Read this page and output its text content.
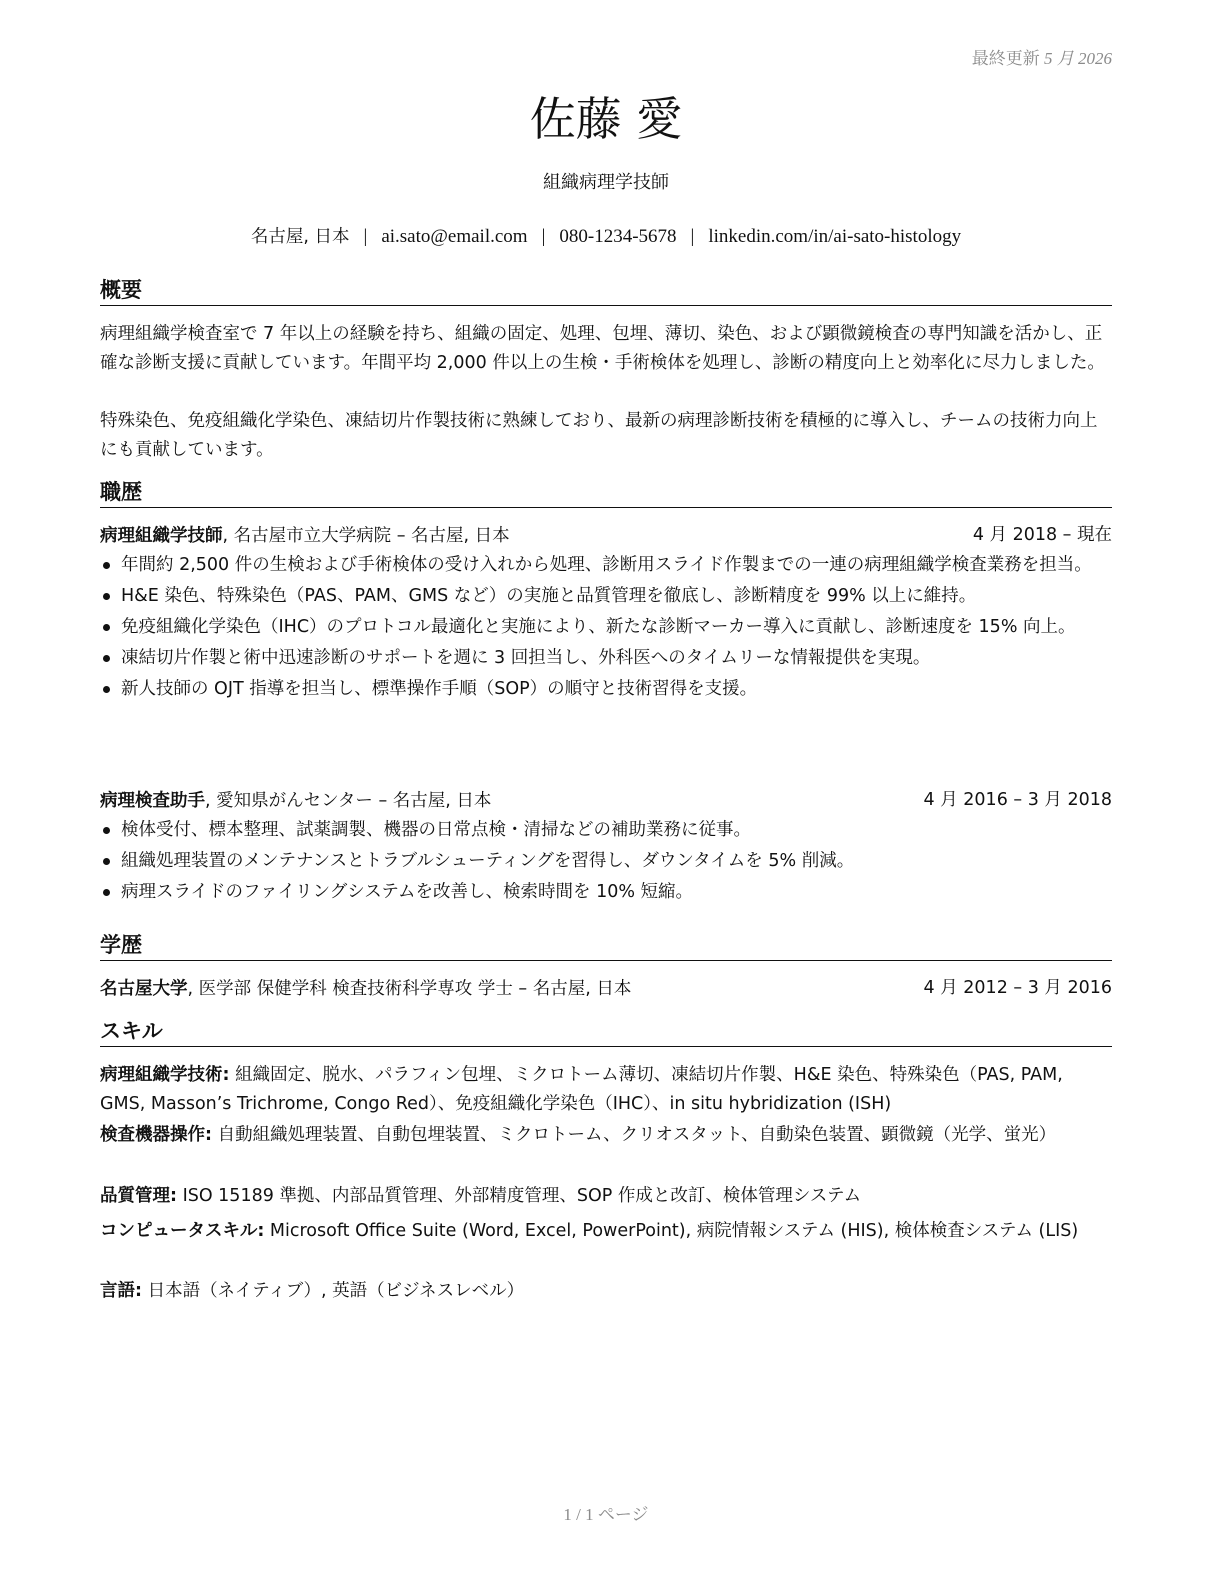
最終更新 5 月 2026
佐藤 愛
組織病理学技師
名古屋, 日本 | ai.sato@email.com | 080-1234-5678 | linkedin.com/in/ai-sato-histology
概要

病理組織学検査室で 7 年以上の経験を持ち、組織の固定、処理、包埋、薄切、染色、および顕微鏡検査の専門知識を活かし、正確な診断支援に貢献しています。年間平均 2,000 件以上の生検・手術検体を処理し、診断の精度向上と効率化に尽力しました。

特殊染色、免疫組織化学染色、凍結切片作製技術に熟練しており、最新の病理診断技術を積極的に導入し、チームの技術力向上にも貢献しています。

職歴
病理組織学技師, 名古屋市立大学病院 – 名古屋, 日本	4 月 2018 – 現在
年間約 2,500 件の生検および手術検体の受け入れから処理、診断用スライド作製までの一連の病理組織学検査業務を担当。
H&E 染色、特殊染色（PAS、PAM、GMS など）の実施と品質管理を徹底し、診断精度を 99% 以上に維持。
免疫組織化学染色（IHC）のプロトコル最適化と実施により、新たな診断マーカー導入に貢献し、診断速度を 15% 向上。
凍結切片作製と術中迅速診断のサポートを週に 3 回担当し、外科医へのタイムリーな情報提供を実現。
新人技師の OJT 指導を担当し、標準操作手順（SOP）の順守と技術習得を支援。
病理検査助手, 愛知県がんセンター – 名古屋, 日本	4 月 2016 – 3 月 2018
検体受付、標本整理、試薬調製、機器の日常点検・清掃などの補助業務に従事。
組織処理装置のメンテナンスとトラブルシューティングを習得し、ダウンタイムを 5% 削減。
病理スライドのファイリングシステムを改善し、検索時間を 10% 短縮。
学歴
名古屋大学, 医学部 保健学科 検査技術科学専攻 学士 – 名古屋, 日本	4 月 2012 – 3 月 2016
スキル
病理組織学技術: 組織固定、脱水、パラフィン包埋、ミクロトーム薄切、凍結切片作製、H&E 染色、特殊染色（PAS, PAM, GMS, Masson’s Trichrome, Congo Red）、免疫組織化学染色（IHC）、in situ hybridization (ISH)
検査機器操作: 自動組織処理装置、自動包埋装置、ミクロトーム、クリオスタット、自動染色装置、顕微鏡（光学、蛍光）
品質管理: ISO 15189 準拠、内部品質管理、外部精度管理、SOP 作成と改訂、検体管理システム
コンピュータスキル: Microsoft Office Suite (Word, Excel, PowerPoint), 病院情報システム (HIS), 検体検査システム (LIS)
言語: 日本語（ネイティブ）, 英語（ビジネスレベル）
1 / 1 ページ
